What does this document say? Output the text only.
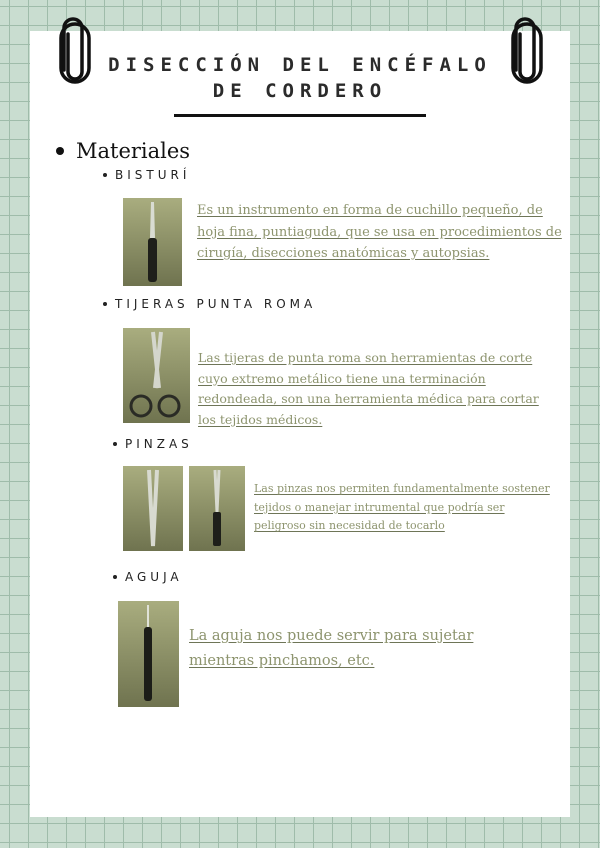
DISECCIÓN DEL ENCÉFALO
DE CORDERO
Materiales
BISTURÍ
Es un instrumento en forma de cuchillo pequeño, de hoja fina, puntiaguda, que se usa en procedimientos de cirugía, disecciones anatómicas y autopsias.
TIJERAS PUNTA ROMA
Las tijeras de punta roma son herramientas de corte cuyo extremo metálico tiene una terminación redondeada, son una herramienta médica para cortar los tejidos médicos.
PINZAS
Las pinzas nos permiten fundamentalmente sostener tejidos o manejar intrumental que podría ser peligroso sin necesidad de tocarlo
AGUJA
La aguja nos puede servir para sujetar mientras pinchamos, etc.
